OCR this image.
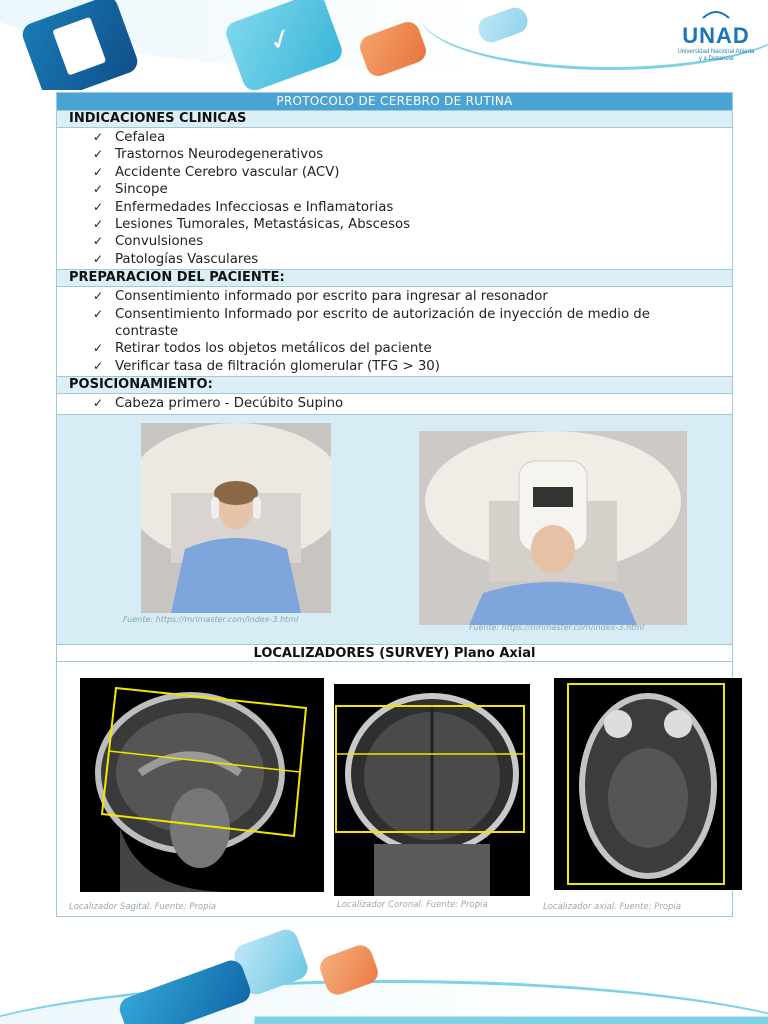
✓
UNAD
Universidad Nacional Abierta y a Distancia
PROTOCOLO DE CEREBRO DE RUTINA
INDICACIONES CLINICAS
✓ Cefalea
✓ Trastornos Neurodegenerativos
✓ Accidente Cerebro vascular (ACV)
✓ Sincope
✓ Enfermedades Infecciosas e Inflamatorias
✓ Lesiones Tumorales, Metastásicas, Abscesos
✓ Convulsiones
✓ Patologías Vasculares
PREPARACION DEL PACIENTE:
✓ Consentimiento informado por escrito para ingresar al resonador
✓ Consentimiento Informado por escrito de autorización de inyección de medio de contraste
✓ Retirar todos los objetos metálicos del paciente
✓ Verificar tasa de filtración glomerular (TFG > 30)
POSICIONAMIENTO:
✓ Cabeza primero - Decúbito Supino
Fuente: https://mrimaster.com/index-3.html
Fuente: https://mrimaster.com/index-3.html
LOCALIZADORES (SURVEY) Plano Axial
Localizador Sagital. Fuente: Propia	Localizador Coronal. Fuente: Propia	Localizador axial. Fuente: Propia
